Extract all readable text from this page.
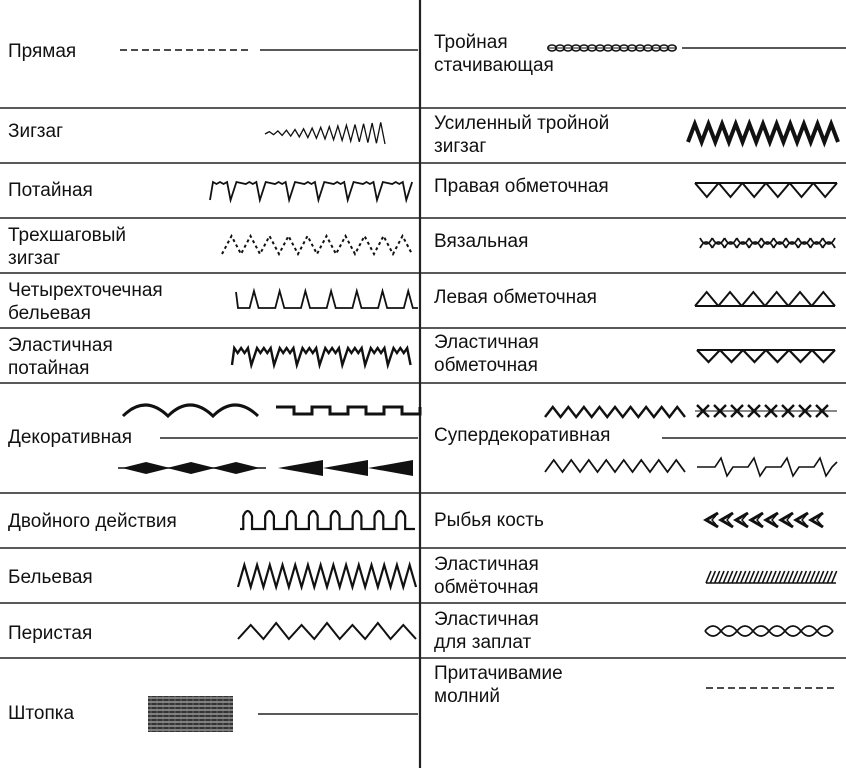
Прямая

Зигзаг

Потайная

Трехшаговый
зигзаг

Четырехточечная
бельевая

Эластичная
потайная

Декоративная

Двойного действия

Бельевая

Перистая

Штопка

Тройная
стачивающая

Усиленный тройной
зигзаг

Правая обметочная

Вязальная

Левая обметочная

Эластичная
обметочная

Супердекоративная

Рыбья кость

Эластичная
обмёточная

Эластичная
для заплат

Притачивамие
молний
